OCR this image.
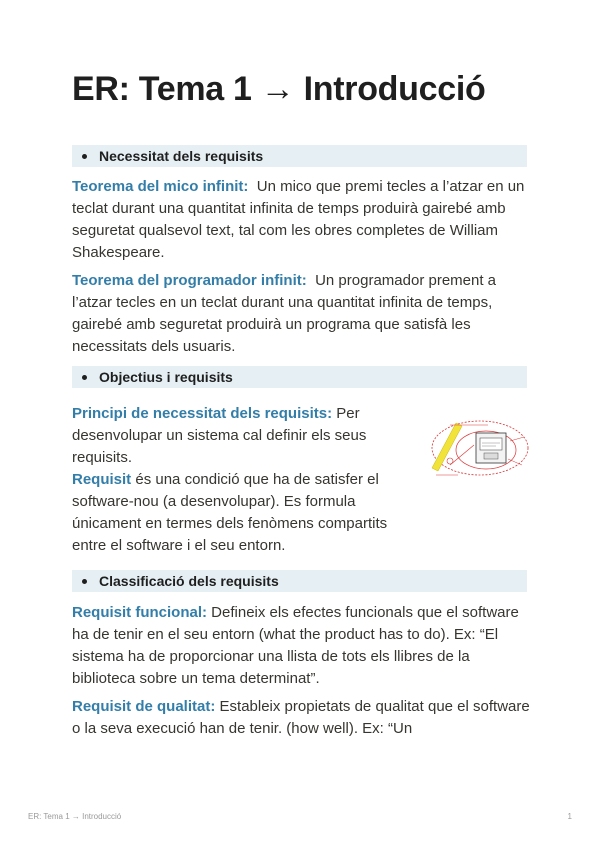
ER: Tema 1 → Introducció
Necessitat dels requisits

Teorema del mico infinit: Un mico que premi tecles a l’atzar en un teclat durant una quantitat infinita de temps produirà gairebé amb seguretat qualsevol text, tal com les obres completes de William Shakespeare.

Teorema del programador infinit: Un programador prement a l’atzar tecles en un teclat durant una quantitat infinita de temps, gairebé amb seguretat produirà un programa que satisfà les necessitats dels usuaris.

Objectius i requisits

Principi de necessitat dels requisits: Per desenvolupar un sistema cal definir els seus requisits.

Requisit és una condició que ha de satisfer el software-nou (a desenvolupar). Es formula únicament en termes dels fenòmens compartits entre el software i el seu entorn.

Classificació dels requisits

Requisit funcional: Defineix els efectes funcionals que el software ha de tenir en el seu entorn (what the product has to do). Ex: “El sistema ha de proporcionar una llista de tots els llibres de la biblioteca sobre un tema determinat”.

Requisit de qualitat: Estableix propietats de qualitat que el software o la seva execució han de tenir. (how well). Ex: “Un

ER: Tema 1 → Introducció	1
